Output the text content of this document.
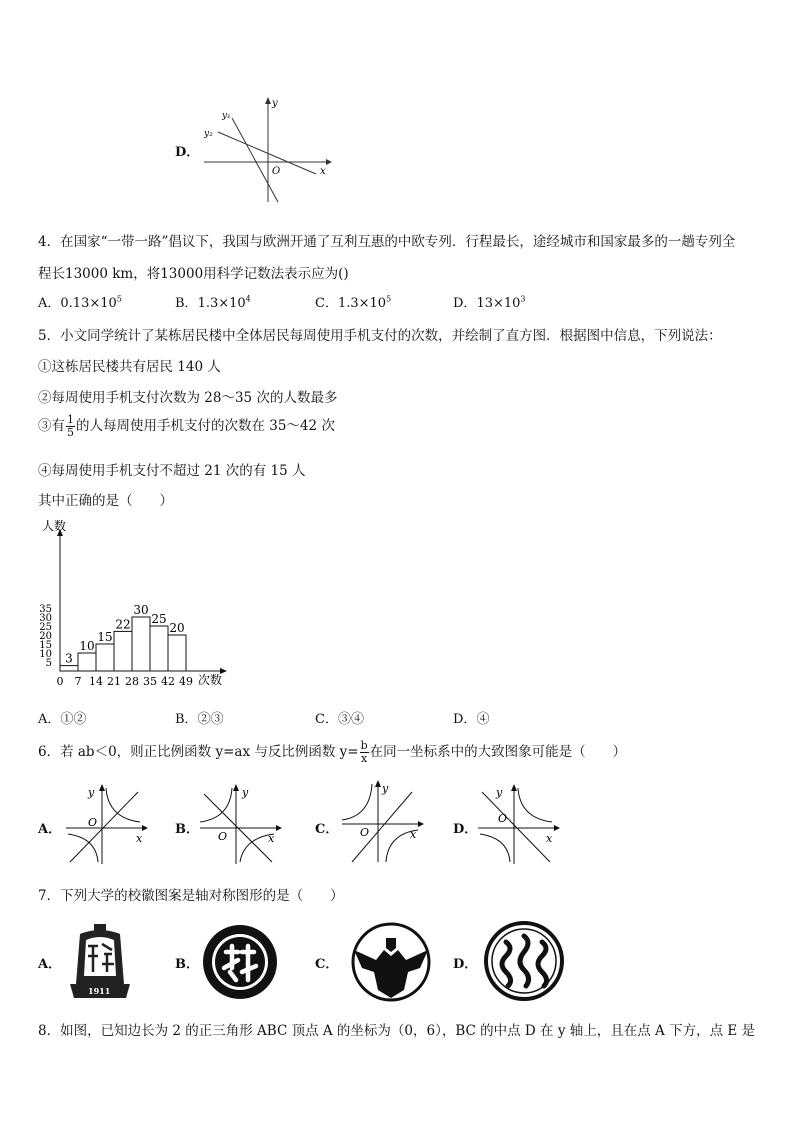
D．
y
x
O
y₁
y₂
4．在国家“一带一路”倡议下，我国与欧洲开通了互利互惠的中欧专列．行程最长，途经城市和国家最多的一趟专列全
程长13000 km，将13000用科学记数法表示应为()
A．$0.13\times 10^5$	B．$1.3\times 10^4$	C．$1.3\times 10^5$	D．$13\times 10^3$
5．小文同学统计了某栋居民楼中全体居民每周使用手机支付的次数，并绘制了直方图．根据图中信息，下列说法：
①这栋居民楼共有居民 140 人
②每周使用手机支付次数为 28～35 次的人数最多
③有 $\frac{1}{5}$ 的人每周使用手机支付的次数在 35～42 次
④每周使用手机支付不超过 21 次的有 15 人
其中正确的是（　　）
3
10
15
22
30
25
20
0 7 14 21 28 35 42 49
5
10
15
20
25
30
35
人数
次数
A．①②	B．②③	C．③④	D．④
6．若 ab＜0，则正比例函数 y=ax 与反比例函数 $y= \frac{b}{x}$ 在同一坐标系中的大致图象可能是（　　）
A．
y
x
O	B．
y
x
O	C．
y
x
O	D．
y
x
O
7．下列大学的校徽图案是轴对称图形的是（　　）
A．
1911
B．	C．	D．
8．如图，已知边长为 2 的正三角形 ABC 顶点 A 的坐标为（0，6），BC 的中点 D 在 y 轴上，且在点 A 下方，点 E 是
